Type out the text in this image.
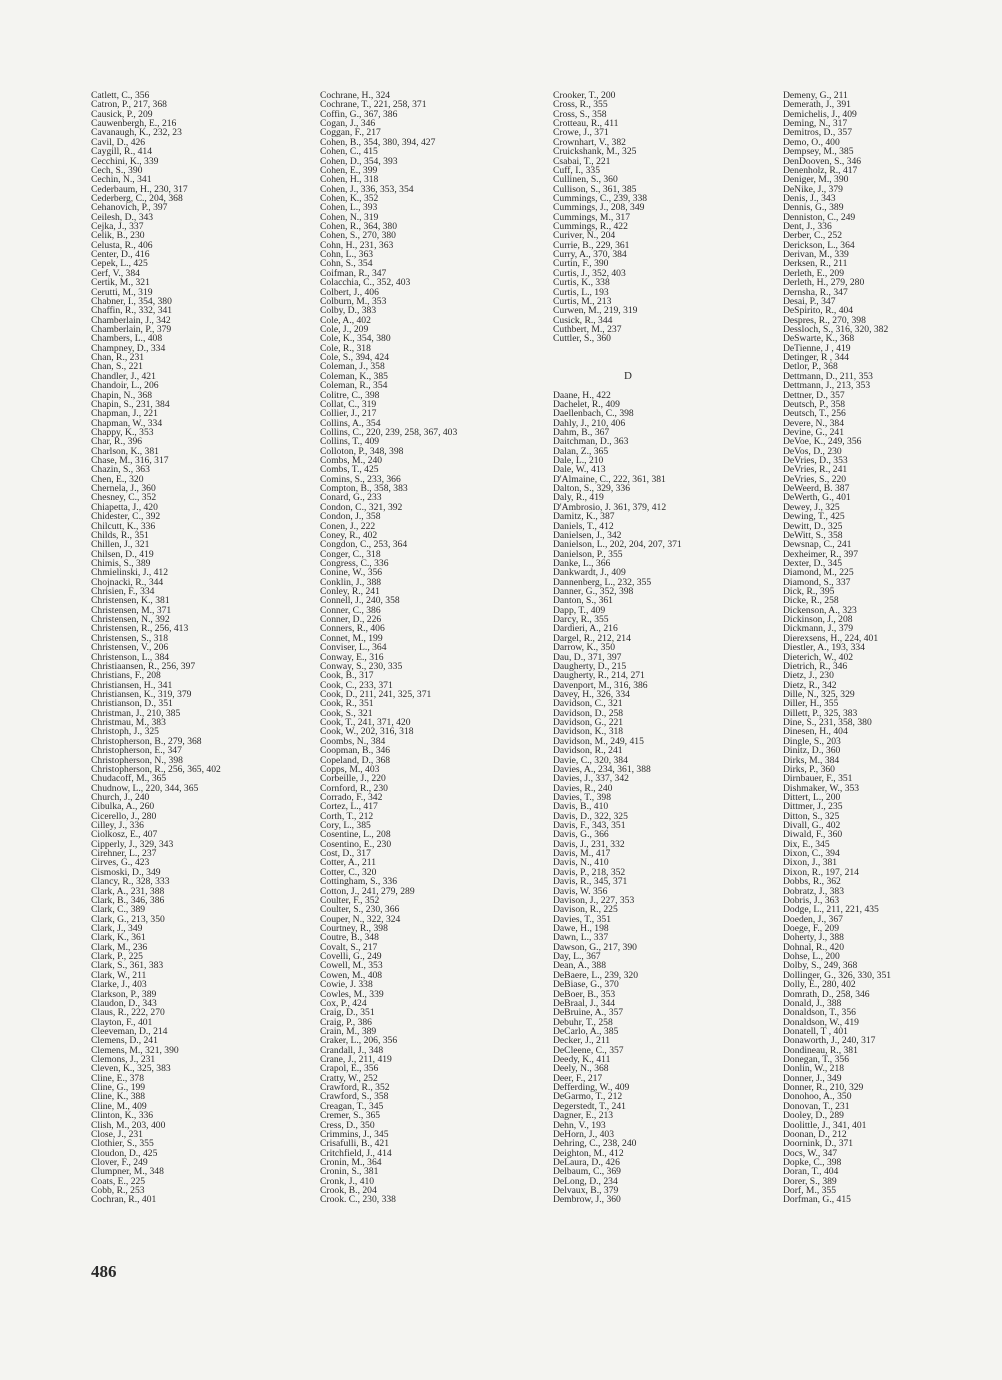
Catlett, C., 356
Catron, P., 217, 368
Causick, P., 209
Cauwenbergh, E., 216
Cavanaugh, K., 232, 23
Cavil, D., 426
Caygill, R., 414
Cecchini, K., 339
Cech, S., 390
Cechin, N., 341
Cederbaum, H., 230, 317
Cederberg, C., 204, 368
Cehanovich, P., 397
Ceilesh, D., 343
Cejka, J., 337
Celik, B., 230
Celusta, R., 406
Center, D., 416
Cepek, L., 425
Cerf, V., 384
Certik, M., 321
Cerutti, M., 319
Chabner, I., 354, 380
Chaffin, R., 332, 341
Chamberlain, J., 342
Chamberlain, P., 379
Chambers, L., 408
Champney, D., 334
Chan, R., 231
Chan, S., 221
Chandler, J., 421
Chandoir, L., 206
Chapin, N., 368
Chapin, S., 231, 384
Chapman, J., 221
Chapman, W., 334
Chappy, K., 353
Char, R., 396
Charlson, K., 381
Chase, M., 316, 317
Chazin, S., 363
Chen, E., 320
Chernela, J., 360
Chesney, C., 352
Chiapetta, J., 420
Chidester, C., 392
Chilcutt, K., 336
Childs, R., 351
Chillen, J., 321
Chilsen, D., 419
Chimis, S., 389
Chmielinski, J., 412
Chojnacki, R., 344
Chrisien, F., 334
Christensen, K., 381
Christensen, M., 371
Christensen, N., 392
Christensen, R., 256, 413
Christensen, S., 318
Christensen, V., 206
Christenson, L., 384
Christiaansen, R., 256, 397
Christians, F., 208
Christiansen, H., 341
Christiansen, K., 319, 379
Christianson, D., 351
Christman, J., 210, 385
Christmau, M., 383
Christoph, J., 325
Christopherson, B., 279, 368
Christopherson, E., 347
Christopherson, N., 398
Christopherson, R., 256, 365, 402
Chudacoff, M., 365
Chudnow, L., 220, 344, 365
Church, J., 240
Cibulka, A., 260
Cicerello, J., 280
Cilley, J., 336
Ciolkosz, E., 407
Cipperly, J., 329, 343
Cirehner, L., 237
Cirves, G., 423
Cismoski, D., 349
Clancy, R., 328, 333
Clark, A., 231, 388
Clark, B., 346, 386
Clark, C., 389
Clark, G., 213, 350
Clark, J., 349
Clark, K., 361
Clark, M., 236
Clark, P., 225
Clark, S., 361, 383
Clark, W., 211
Clarke, J., 403
Clarkson, P., 389
Claudon, D., 343
Claus, R., 222, 270
Clayton, F., 401
Cleeveman, D., 214
Clemens, D., 241
Clemens, M., 321, 390
Clemons, J., 231
Cleven, K., 325, 383
Cline, E., 378
Cline, G., 199
Cline, K., 388
Cline, M., 409
Clinton, K., 336
Clish, M., 203, 400
Close, J., 231
Clothier, S., 355
Cloudon, D., 425
Clover, F., 249
Clumpner, M., 348
Coats, E., 225
Cobb, R., 253
Cochran, R., 401
Cochrane, H., 324
Cochrane, T., 221, 258, 371
Coffin, G., 367, 386
Cogan, J., 346
Coggan, F., 217
Cohen, B., 354, 380, 394, 427
Cohen, C., 415
Cohen, D., 354, 393
Cohen, E., 399
Cohen, H., 318
Cohen, J., 336, 353, 354
Cohen, K., 352
Cohen, L., 393
Cohen, N., 319
Cohen, R., 364, 380
Cohen, S., 270, 380
Cohn, H., 231, 363
Cohn, L., 363
Cohn, S., 354
Coifman, R., 347
Colacchia, C., 352, 403
Colbert, J., 406
Colburn, M., 353
Colby, D., 383
Cole, A., 402
Cole, J., 209
Cole, K., 354, 380
Cole, R., 318
Cole, S., 394, 424
Coleman, J., 358
Coleman, K., 385
Coleman, R., 354
Colitre, C., 398
Collat, C., 319
Collier, J., 217
Collins, A., 354
Collins, C., 220, 239, 258, 367, 403
Collins, T., 409
Colloton, P., 348, 398
Combs, M., 240
Combs, T., 425
Comins, S., 233, 366
Compton, B., 358, 383
Conard, G., 233
Condon, C., 321, 392
Condon, J., 358
Conen, J., 222
Coney, R., 402
Congdon, C., 253, 364
Conger, C., 318
Congress, C., 336
Conine, W., 356
Conklin, J., 388
Conley, R., 241
Connell, J., 240, 358
Conner, C., 386
Conner, D., 226
Conners, R., 406
Connet, M., 199
Conviser, L., 364
Conway, E., 316
Conway, S., 230, 335
Cook, B., 317
Cook, C., 233, 371
Cook, D., 211, 241, 325, 371
Cook, R., 351
Cook, S., 321
Cook, T., 241, 371, 420
Cook, W., 202, 316, 318
Coombs, N., 384
Coopman, B., 346
Copeland, D., 368
Copps, M., 403
Corbeille, J., 220
Cornford, R., 230
Corrado, F., 342
Cortez, L., 417
Corth, T., 212
Cory, L., 385
Cosentine, L., 208
Cosentino, E., 230
Cost, D., 317
Cotter, A., 211
Cotter, C., 320
Cottingham, S., 336
Cotton, J., 241, 279, 289
Coulter, F., 352
Coulter, S., 230, 366
Couper, N., 322, 324
Courtney, R., 398
Coutre, B., 348
Covalt, S., 217
Covelli, G., 249
Cowell, M., 353
Cowen, M., 408
Cowie, J. 338
Cowles, M., 339
Cox, P., 424
Craig, D., 351
Craig, P., 386
Crain, M., 389
Craker, L., 206, 356
Crandall, J., 348
Crane, J., 211, 419
Crapol, E., 356
Cratty, W., 252
Crawford, R., 352
Crawford, S., 358
Creagan, T., 345
Cremer, S., 365
Cress, D., 350
Crimmins, J., 345
Crisafulli, B., 421
Critchfield, J., 414
Cronin, M., 364
Cronin, S., 381
Cronk, J., 410
Crook, B., 204
Crook. C., 230, 338
Crooker, T., 200
Cross, R., 355
Cross, S., 358
Crotteau, R., 411
Crowe, J., 371
Crownhart, V., 382
Cruickshank, M., 325
Csabai, T., 221
Cuff, I., 335
Cullinen, S., 360
Cullison, S., 361, 385
Cummings, C., 239, 338
Cummings, J., 208, 349
Cummings, M., 317
Cummings, R., 422
Curiver, N., 204
Currie, B., 229, 361
Curry, A., 370, 384
Curtin, F., 390
Curtis, J., 352, 403
Curtis, K., 338
Curtis, L., 193
Curtis, M., 213
Curwen, M., 219, 319
Cusick, R., 344
Cuthbert, M., 237
Cuttler, S., 360
D
Daane, H., 422
Dachelet, R., 409
Daellenbach, C., 398
Dahly, J., 210, 406
Dahm, B., 367
Daitchman, D., 363
Dalan, Z., 365
Dale, L., 210
Dale, W., 413
D'Almaine, C., 222, 361, 381
Dalton, S., 329, 336
Daly, R., 419
D'Ambrosio, J. 361, 379, 412
Damitz, K., 387
Daniels, T., 412
Danielsen, J., 342
Danielson, L., 202, 204, 207, 371
Danielson, P., 355
Danke, L., 366
Dankwardt, J., 409
Dannenberg, L., 232, 355
Danner, G., 352, 398
Danton, S., 361
Dapp, T., 409
Darcy, R., 355
Dardieri, A., 216
Dargel, R., 212, 214
Darrow, K., 350
Dau, D., 371, 397
Daugherty, D., 215
Daugherty, R., 214, 271
Davenport, M., 316, 386
Davey, H., 326, 334
Davidson, C., 321
Davidson, D., 258
Davidson, G., 221
Davidson, K., 318
Davidson, M., 249, 415
Davidson, R., 241
Davie, C., 320, 384
Davies, A., 234, 361, 388
Davies, J., 337, 342
Davies, R., 240
Davies, T., 398
Davis, B., 410
Davis, D., 322, 325
Davis, F., 343, 351
Davis, G., 366
Davis, J., 231, 332
Davis, M., 417
Davis, N., 410
Davis, P., 218, 352
Davis, R., 345, 371
Davis, W. 356
Davison, J., 227, 353
Davison, R., 225
Davies, T., 351
Dawe, H., 198
Dawn, L., 337
Dawson, G., 217, 390
Day, L., 367
Dean, A., 388
DeBaere, L., 239, 320
DeBiase, G., 370
DeBoer, B., 353
DeBraal, J., 344
DeBruine, A., 357
Debuhr, T., 258
DeCarlo, A., 385
Decker, J., 211
DeCleene, C., 357
Deedy, K., 411
Deely, N., 368
Deer, F., 217
Defferding, W., 409
DeGarmo, T., 212
Degerstedt, T., 241
Dagner, E., 213
Dehn, V., 193
DeHorn, J., 403
Dehring, C., 238, 240
Deighton, M., 412
DeLaura, D., 426
Delbaum, C., 369
DeLong, D., 234
Delvaux, B., 379
Dembrow, J., 360
Demeny, G., 211
Demerath, J., 391
Demichelis, J., 409
Deming, N., 317
Demitros, D., 357
Demo, O., 400
Dempsey, M., 385
DenDooven, S., 346
Denenholz, R., 417
Deniger, M., 390
DeNike, J., 379
Denis, J., 343
Dennis, G., 389
Denniston, C., 249
Dent, J., 336
Derber, C., 252
Derickson, L., 364
Derivan, M., 339
Derksen, R., 211
Derleth, E., 209
Derleth, H., 279, 280
Dernsha, R., 347
Desai, P., 347
DeSpirito, R., 404
Despres, R., 270, 398
Dessloch, S., 316, 320, 382
DeSwarte, K., 368
DeTienne, J , 419
Detinger, R , 344
Detlor, P., 368
Dettmann, D., 211, 353
Dettmann, J., 213, 353
Dettner, D., 357
Deutsch, P., 358
Deutsch, T., 256
Devere, N., 384
Devine, G., 241
DeVoe, K., 249, 356
DeVos, D., 230
DeVries, D., 353
DeVries, R., 241
DeVries, S., 220
DeWeerd, B. 387
DeWerth, G., 401
Dewey, J., 325
Dewing, T., 425
Dewitt, D., 325
DeWitt, S., 358
Dewsnap, C., 241
Dexheimer, R., 397
Dexter, D., 345
Diamond, M., 225
Diamond, S., 337
Dick, R., 395
Dicke, R., 258
Dickenson, A., 323
Dickinson, J., 208
Dickmann, J., 379
Dierexsens, H., 224, 401
Diestler, A., 193, 334
Dieterich, W., 402
Dietrich, R., 346
Dietz, J., 230
Dietz, R., 342
Dille, N., 325, 329
Diller, H., 355
Dillett, P., 325, 383
Dine, S., 231, 358, 380
Dinesen, H., 404
Dingle, S., 203
Dinitz, D., 360
Dirks, M., 384
Dirks, P., 360
Dirnbauer, F., 351
Dishmaker, W., 353
Dittert, L., 200
Dittmer, J., 235
Ditton, S., 325
Divall, G., 402
Diwald, F., 360
Dix, E., 345
Dixon, C., 394
Dixon, J., 381
Dixon, R., 197, 214
Dobbs, R., 362
Dobratz, J., 383
Dobris, J., 363
Dodge, L., 211, 221, 435
Doeden, J., 367
Doege, F., 209
Doherty, J., 388
Dohnal, R., 420
Dohse, L., 200
Dolby, S., 249, 368
Dollinger, G., 326, 330, 351
Dolly, E., 280, 402
Domrath, D., 258, 346
Donald, J., 388
Donaldson, T., 356
Donaldson, W., 419
Donatell, T , 401
Donaworth, J., 240, 317
Dondineau, R., 381
Donegan, T., 356
Donlin, W., 218
Donner, J., 349
Donner, R., 210, 329
Donohoo, A., 350
Donovan, T., 231
Dooley, D., 289
Doolittle, J., 341, 401
Doonan, D., 212
Doornink, D., 371
Docs, W., 347
Dopke, C., 398
Doran, T., 404
Dorer, S., 389
Dorf, M., 355
Dorfman, G., 415
486
